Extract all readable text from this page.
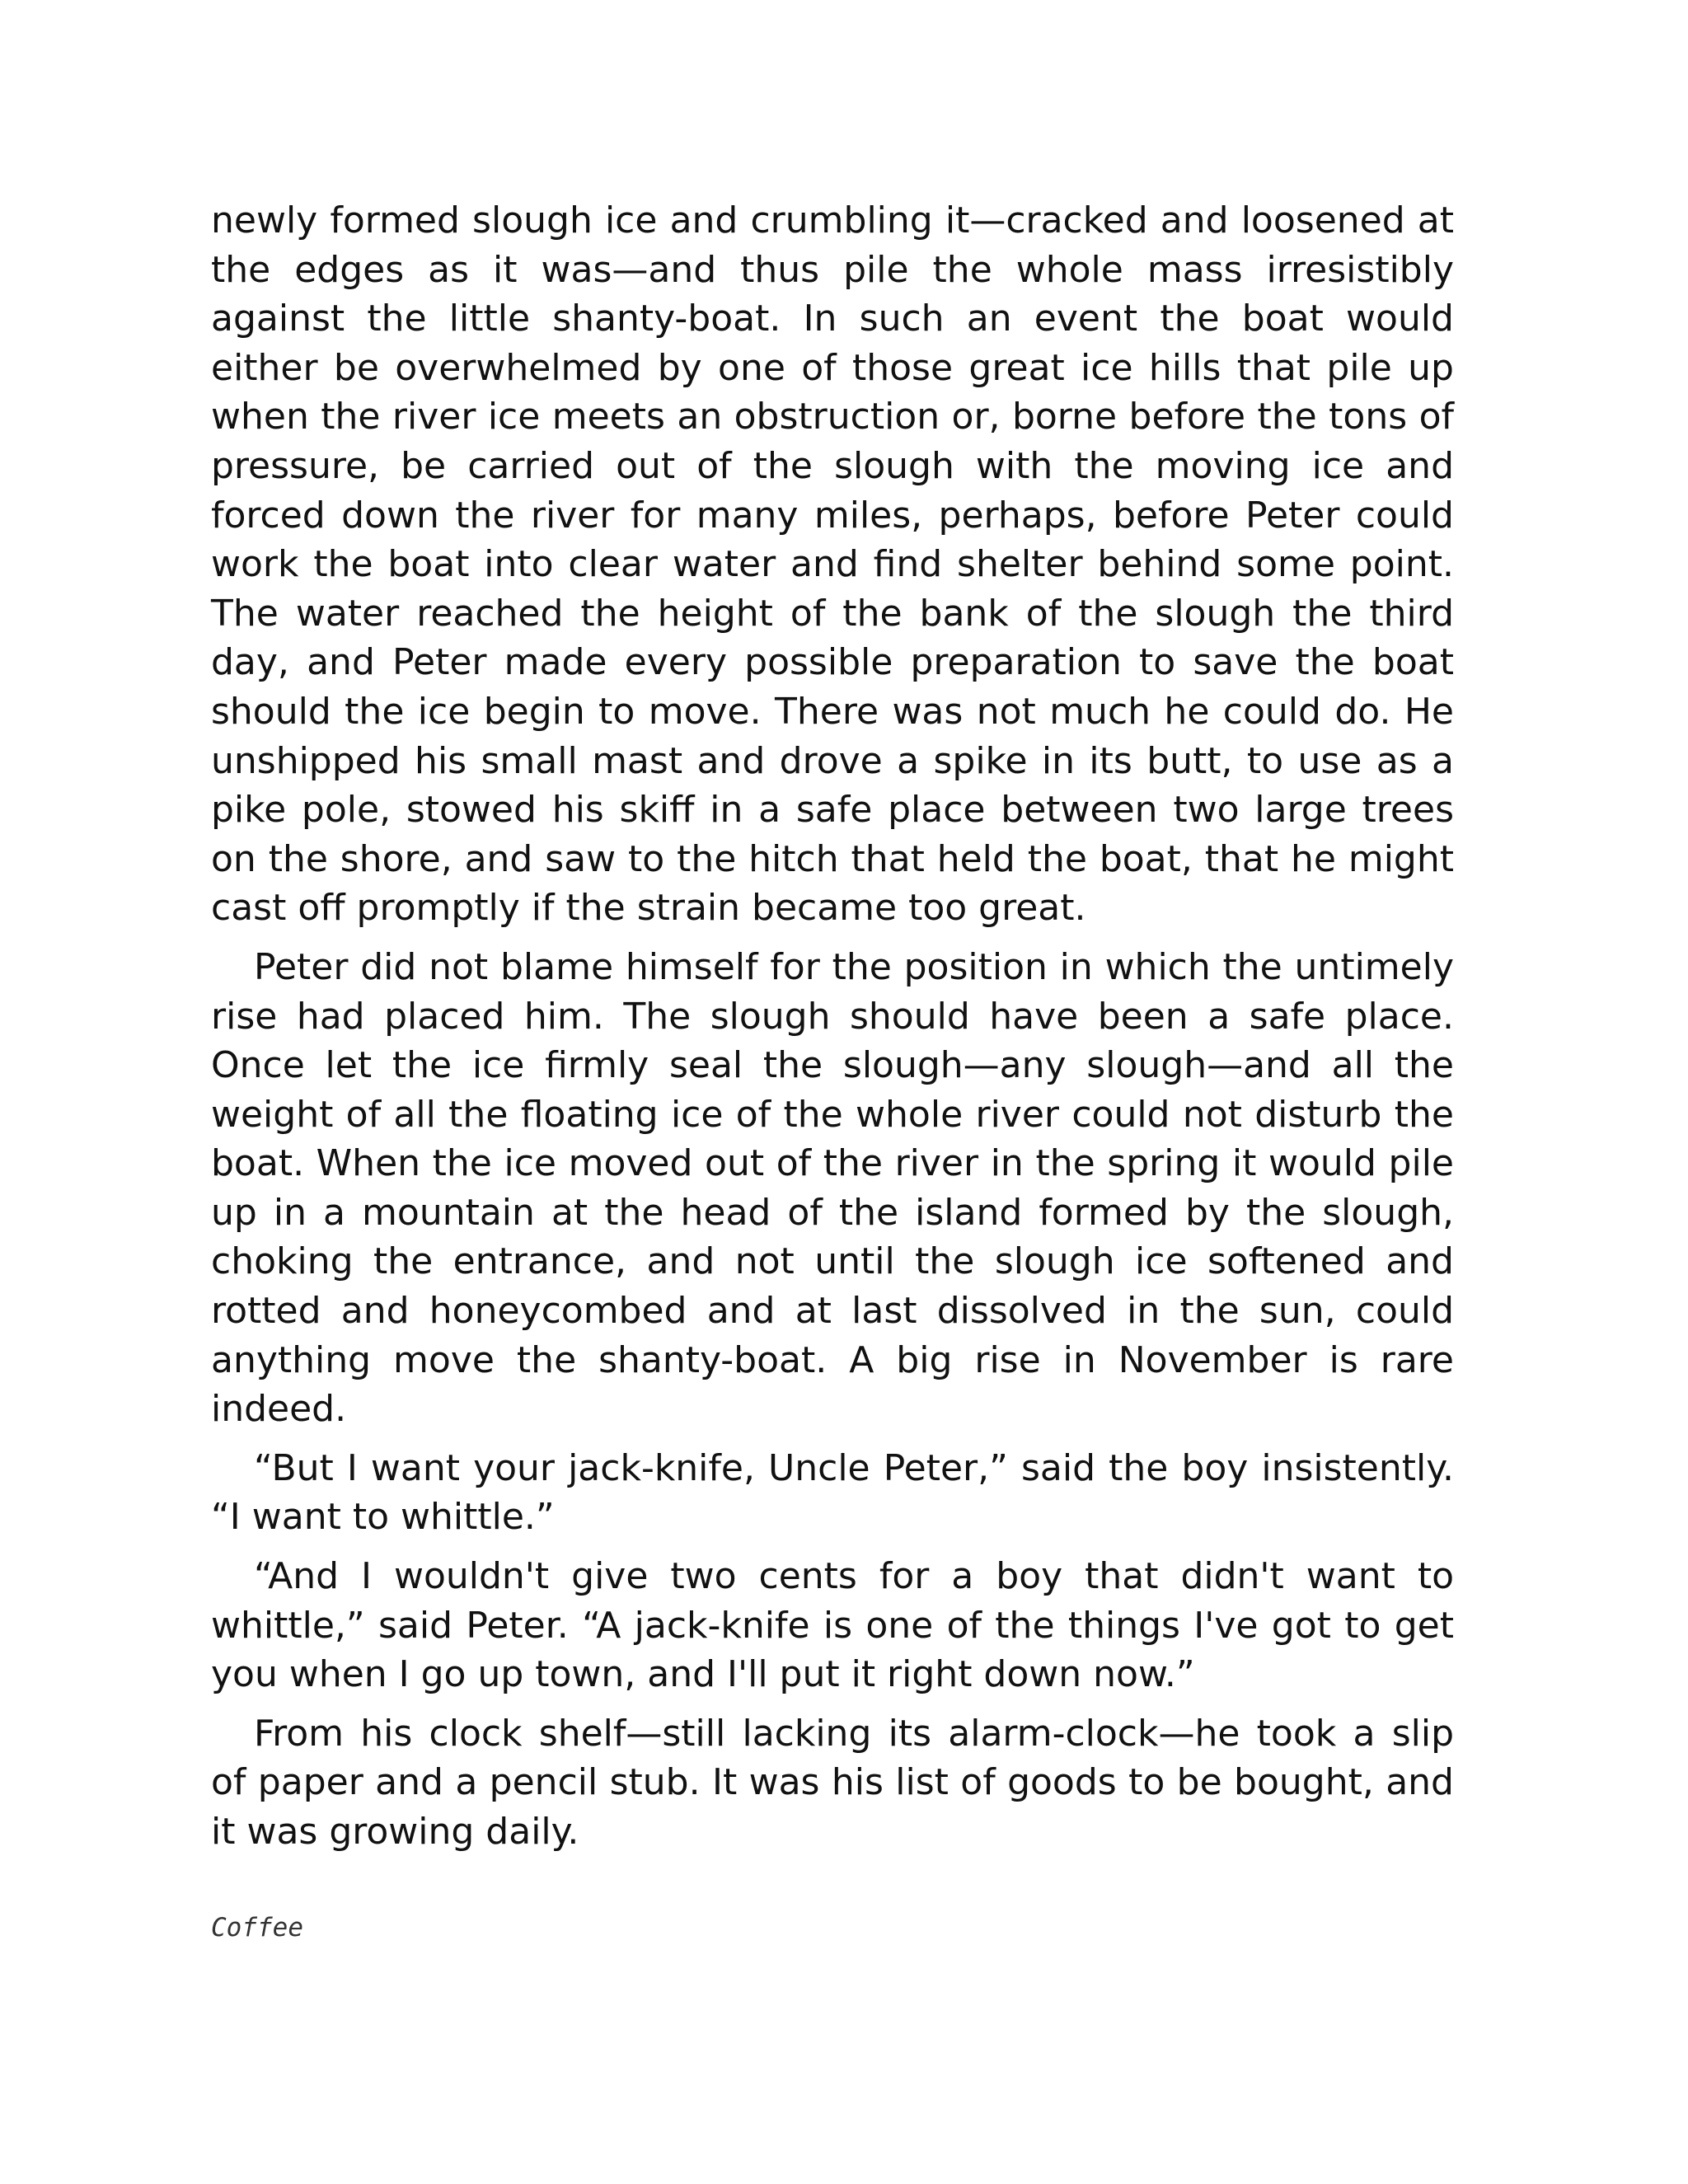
newly formed slough ice and crumbling it—cracked and loosened at the edges as it was—and thus pile the whole mass irresistibly against the little shanty-boat. In such an event the boat would either be overwhelmed by one of those great ice hills that pile up when the river ice meets an obstruction or, borne before the tons of pressure, be carried out of the slough with the moving ice and forced down the river for many miles, perhaps, before Peter could work the boat into clear water and find shelter behind some point. The water reached the height of the bank of the slough the third day, and Peter made every possible preparation to save the boat should the ice begin to move. There was not much he could do. He unshipped his small mast and drove a spike in its butt, to use as a pike pole, stowed his skiff in a safe place between two large trees on the shore, and saw to the hitch that held the boat, that he might cast off promptly if the strain became too great.

Peter did not blame himself for the position in which the untimely rise had placed him. The slough should have been a safe place. Once let the ice firmly seal the slough—any slough—and all the weight of all the floating ice of the whole river could not disturb the boat. When the ice moved out of the river in the spring it would pile up in a mountain at the head of the island formed by the slough, choking the entrance, and not until the slough ice softened and rotted and honeycombed and at last dissolved in the sun, could anything move the shanty-boat. A big rise in November is rare indeed.

“But I want your jack-knife, Uncle Peter,” said the boy insistently. “I want to whittle.”

“And I wouldn't give two cents for a boy that didn't want to whittle,” said Peter. “A jack-knife is one of the things I've got to get you when I go up town, and I'll put it right down now.”

From his clock shelf—still lacking its alarm-clock—he took a slip of paper and a pencil stub. It was his list of goods to be bought, and it was growing daily.

Coffee
